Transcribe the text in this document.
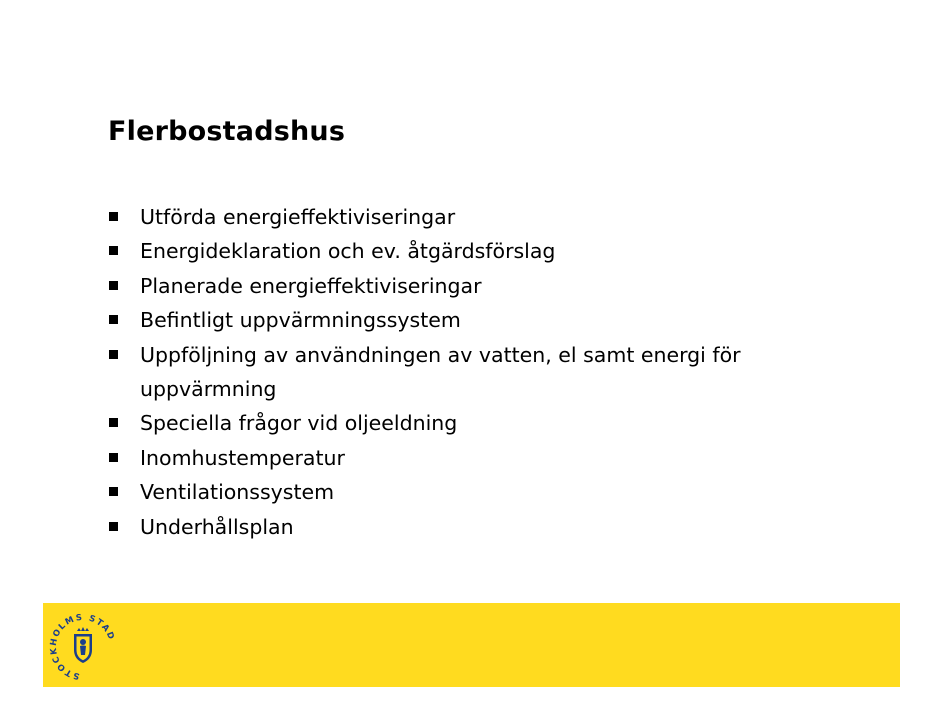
Flerbostadshus
Utförda energieffektiviseringar
Energideklaration och ev. åtgärdsförslag
Planerade energieffektiviseringar
Befintligt uppvärmningssystem
Uppföljning av användningen av vatten, el samt energi för uppvärmning
Speciella frågor vid oljeeldning
Inomhustemperatur
Ventilationssystem
Underhållsplan
STOCKHOLMS STAD
